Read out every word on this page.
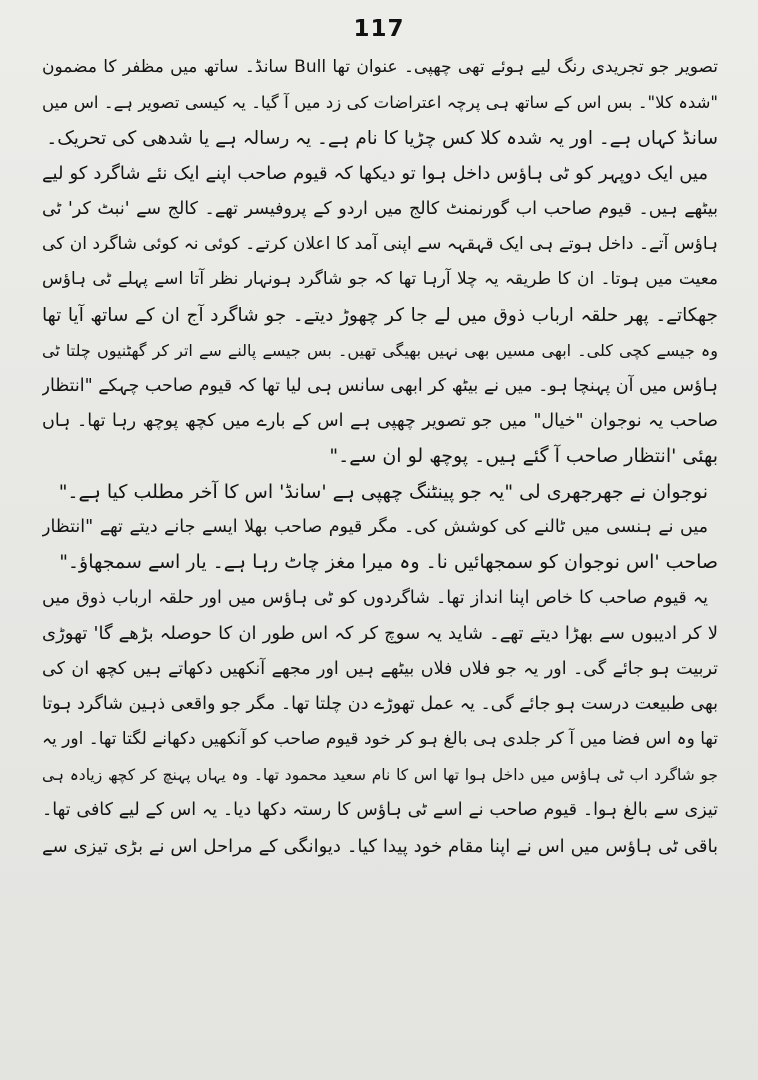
117
تصویر جو تجریدی رنگ لیے ہوئے تھی چھپی۔ عنوان تھا Bull سانڈ۔ ساتھ میں مظفر کا مضمون
"شدہ کلا"۔ بس اس کے ساتھ ہی پرچہ اعتراضات کی زد میں آ گیا۔ یہ کیسی تصویر ہے۔ اس میں
سانڈ کہاں ہے۔ اور یہ شدہ کلا کس چڑیا کا نام ہے۔ یہ رسالہ ہے یا شدھی کی تحریک۔
میں ایک دوپہر کو ٹی ہاؤس داخل ہوا تو دیکھا کہ قیوم صاحب اپنے ایک نئے شاگرد کو لیے
بیٹھے ہیں۔ قیوم صاحب اب گورنمنٹ کالج میں اردو کے پروفیسر تھے۔ کالج سے 'نبٹ کر' ٹی
ہاؤس آتے۔ داخل ہوتے ہی ایک قہقہہ سے اپنی آمد کا اعلان کرتے۔ کوئی نہ کوئی شاگرد ان کی
معیت میں ہوتا۔ ان کا طریقہ یہ چلا آرہا تھا کہ جو شاگرد ہونہار نظر آتا اسے پہلے ٹی ہاؤس
جھکاتے۔ پھر حلقہ ارباب ذوق میں لے جا کر چھوڑ دیتے۔ جو شاگرد آج ان کے ساتھ آیا تھا
وہ جیسے کچی کلی۔ ابھی مسیں بھی نہیں بھیگی تھیں۔ بس جیسے پالنے سے اتر کر گھٹنیوں چلتا ٹی
ہاؤس میں آن پہنچا ہو۔ میں نے بیٹھ کر ابھی سانس ہی لیا تھا کہ قیوم صاحب چہکے "انتظار
صاحب یہ نوجوان "خیال" میں جو تصویر چھپی ہے اس کے بارے میں کچھ پوچھ رہا تھا۔ ہاں
بھئی 'انتظار صاحب آ گئے ہیں۔ پوچھ لو ان سے۔"
نوجوان نے جھرجھری لی "یہ جو پینٹنگ چھپی ہے 'سانڈ' اس کا آخر مطلب کیا ہے۔"
میں نے ہنسی میں ٹالنے کی کوشش کی۔ مگر قیوم صاحب بھلا ایسے جانے دیتے تھے "انتظار
صاحب 'اس نوجوان کو سمجھائیں نا۔ وہ میرا مغز چاٹ رہا ہے۔ یار اسے سمجھاؤ۔"
یہ قیوم صاحب کا خاص اپنا انداز تھا۔ شاگردوں کو ٹی ہاؤس میں اور حلقہ ارباب ذوق میں
لا کر ادیبوں سے بھڑا دیتے تھے۔ شاید یہ سوچ کر کہ اس طور ان کا حوصلہ بڑھے گا' تھوڑی
تربیت ہو جائے گی۔ اور یہ جو فلاں فلاں بیٹھے ہیں اور مجھے آنکھیں دکھاتے ہیں کچھ ان کی
بھی طبیعت درست ہو جائے گی۔ یہ عمل تھوڑے دن چلتا تھا۔ مگر جو واقعی ذہین شاگرد ہوتا
تھا وہ اس فضا میں آ کر جلدی ہی بالغ ہو کر خود قیوم صاحب کو آنکھیں دکھانے لگتا تھا۔ اور یہ
جو شاگرد اب ٹی ہاؤس میں داخل ہوا تھا اس کا نام سعید محمود تھا۔ وہ یہاں پہنچ کر کچھ زیادہ ہی
تیزی سے بالغ ہوا۔ قیوم صاحب نے اسے ٹی ہاؤس کا رستہ دکھا دیا۔ یہ اس کے لیے کافی تھا۔
باقی ٹی ہاؤس میں اس نے اپنا مقام خود پیدا کیا۔ دیوانگی کے مراحل اس نے بڑی تیزی سے
